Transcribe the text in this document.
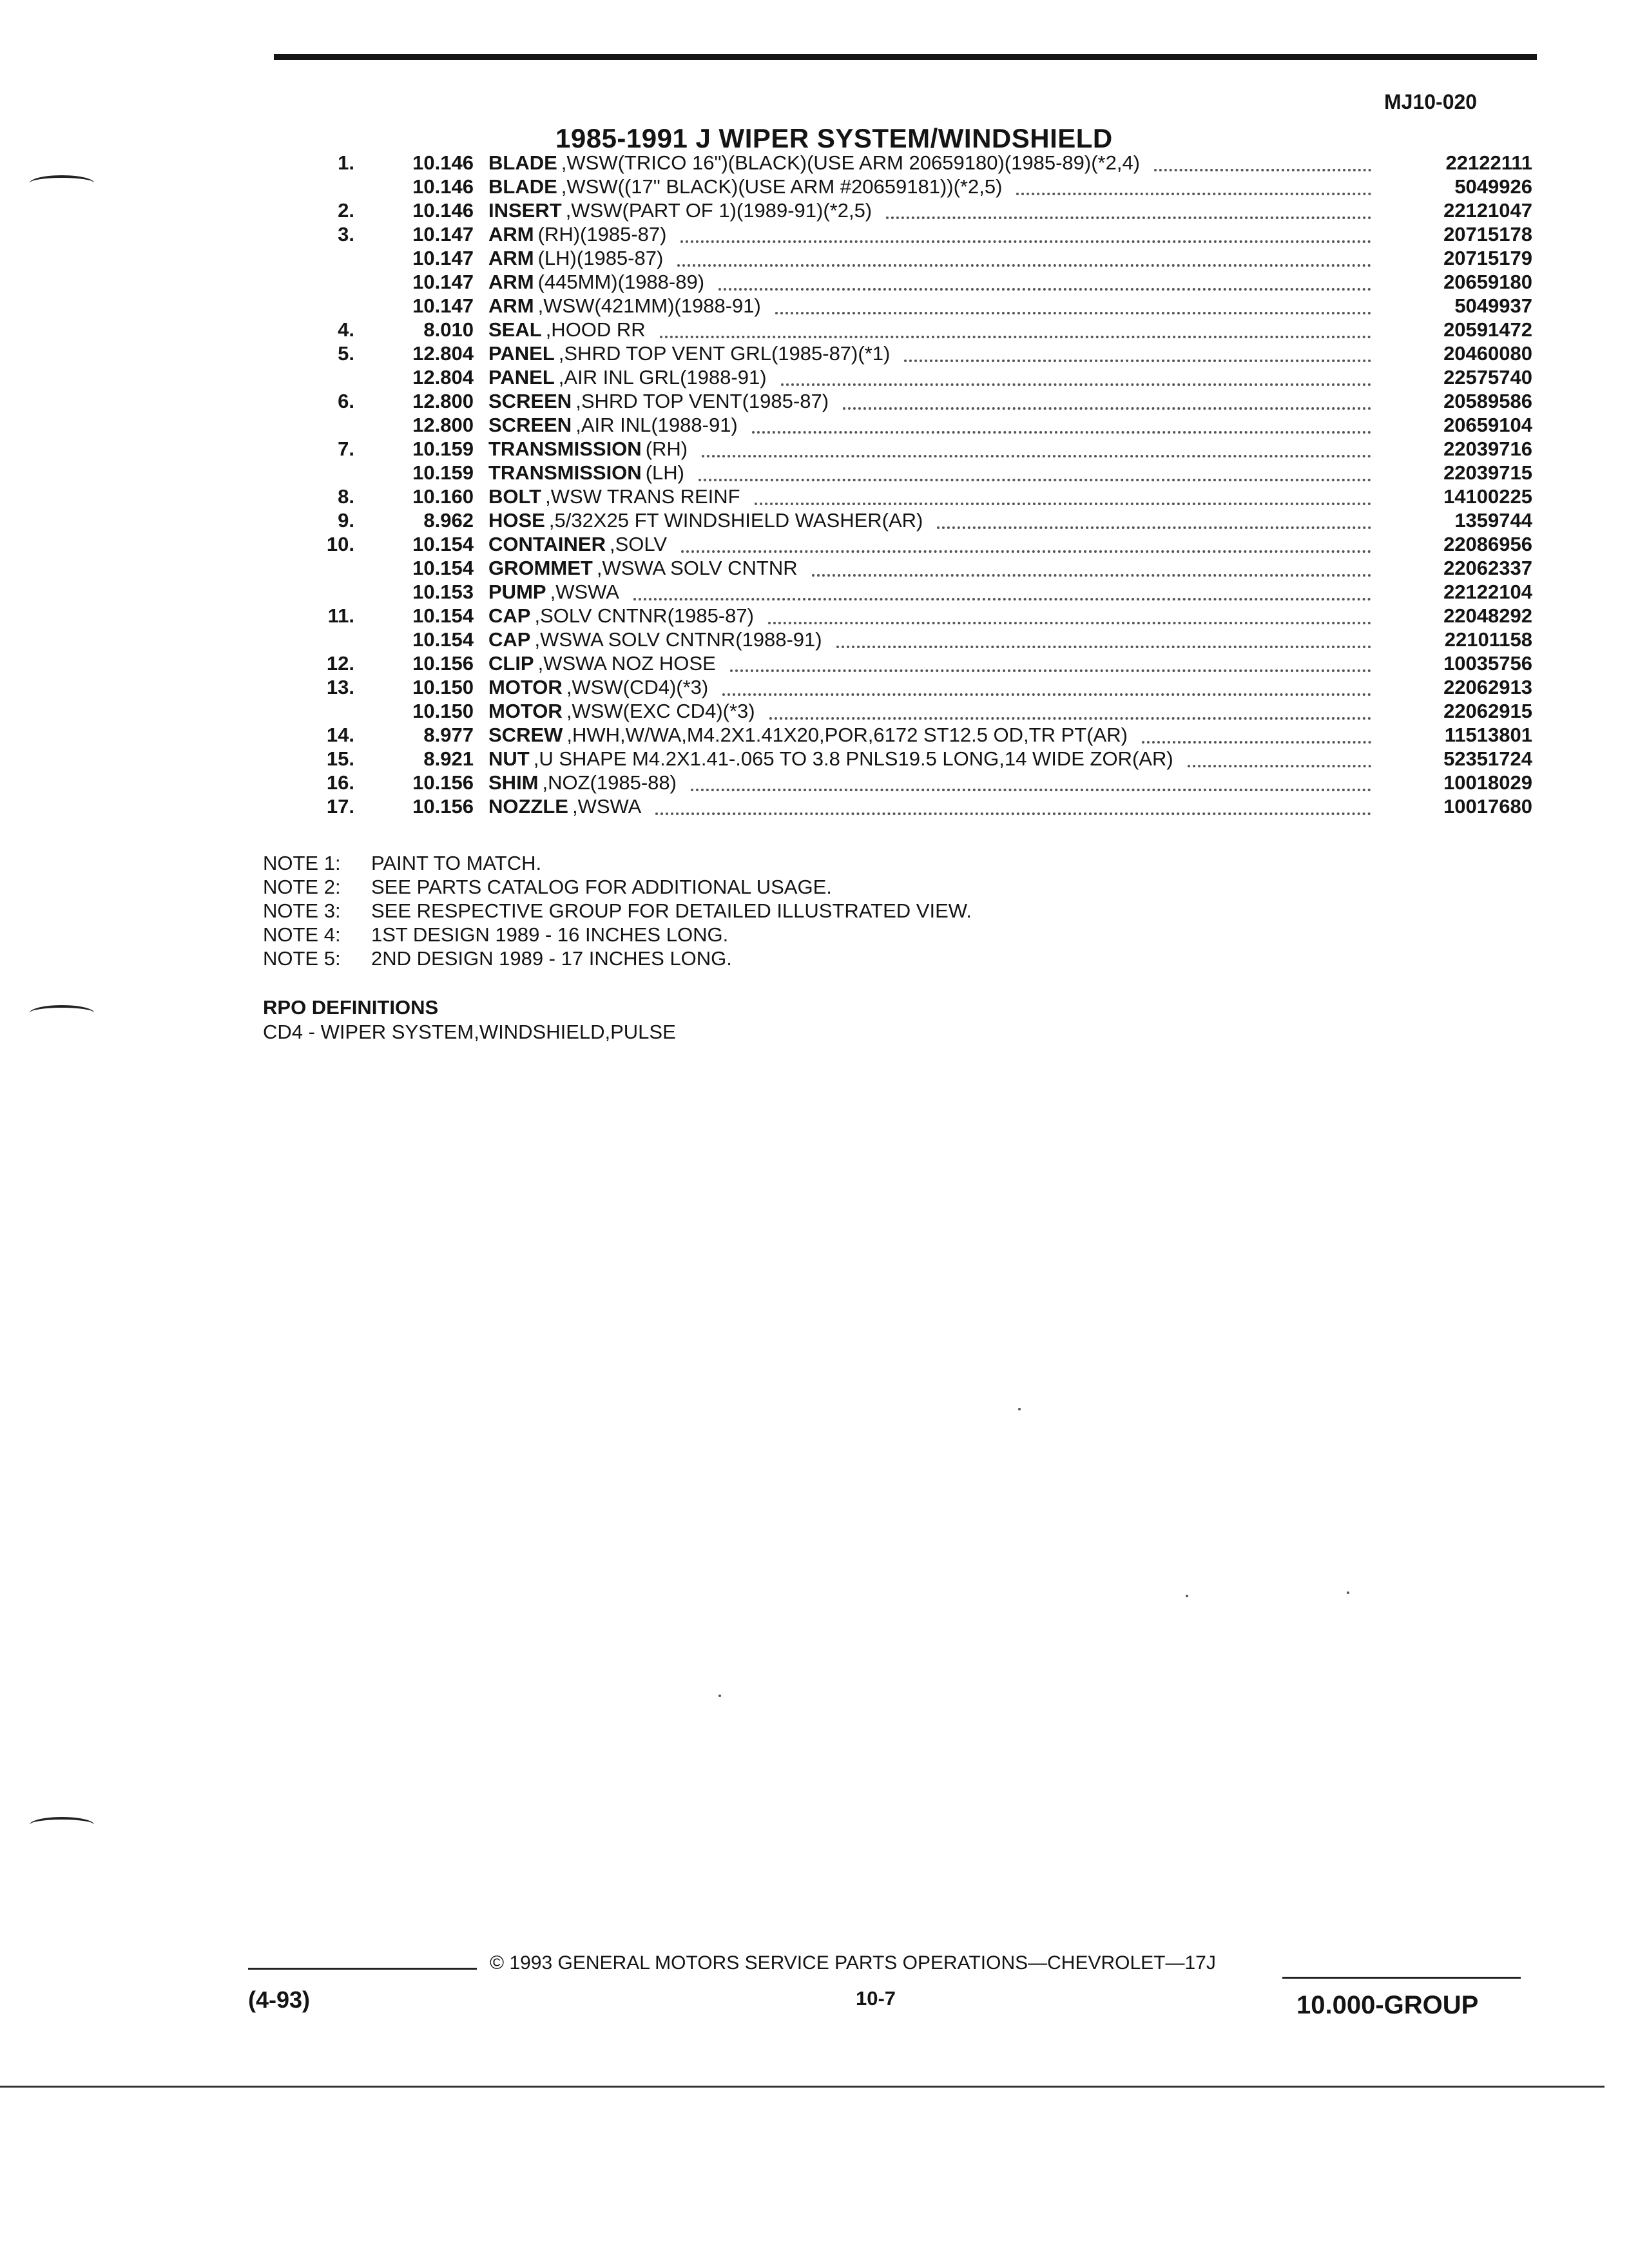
MJ10-020
1985-1991 J WIPER SYSTEM/WINDSHIELD
1.	10.146 BLADE ,WSW(TRICO 16")(BLACK)(USE ARM 20659180)(1985-89)(*2,4)	22122111
10.146 BLADE ,WSW((17" BLACK)(USE ARM #20659181))(*2,5)	5049926
2.	10.146 INSERT ,WSW(PART OF 1)(1989-91)(*2,5)	22121047
3.	10.147 ARM (RH)(1985-87)	20715178
10.147 ARM (LH)(1985-87)	20715179
10.147 ARM (445MM)(1988-89)	20659180
10.147 ARM ,WSW(421MM)(1988-91)	5049937
4.	8.010 SEAL ,HOOD RR	20591472
5.	12.804 PANEL ,SHRD TOP VENT GRL(1985-87)(*1)	20460080
12.804 PANEL ,AIR INL GRL(1988-91)	22575740
6.	12.800 SCREEN ,SHRD TOP VENT(1985-87)	20589586
12.800 SCREEN ,AIR INL(1988-91)	20659104
7.	10.159 TRANSMISSION (RH)	22039716
10.159 TRANSMISSION (LH)	22039715
8.	10.160 BOLT ,WSW TRANS REINF	14100225
9.	8.962 HOSE ,5/32X25 FT WINDSHIELD WASHER(AR)	1359744
10.	10.154 CONTAINER ,SOLV	22086956
10.154 GROMMET ,WSWA SOLV CNTNR	22062337
10.153 PUMP ,WSWA	22122104
11.	10.154 CAP ,SOLV CNTNR(1985-87)	22048292
10.154 CAP ,WSWA SOLV CNTNR(1988-91)	22101158
12.	10.156 CLIP ,WSWA NOZ HOSE	10035756
13.	10.150 MOTOR ,WSW(CD4)(*3)	22062913
10.150 MOTOR ,WSW(EXC CD4)(*3)	22062915
14.	8.977 SCREW ,HWH,W/WA,M4.2X1.41X20,POR,6172 ST12.5 OD,TR PT(AR)	11513801
15.	8.921 NUT ,U SHAPE M4.2X1.41-.065 TO 3.8 PNLS19.5 LONG,14 WIDE ZOR(AR)	52351724
16.	10.156 SHIM ,NOZ(1985-88)	10018029
17.	10.156 NOZZLE ,WSWA	10017680
NOTE 1: PAINT TO MATCH.
NOTE 2: SEE PARTS CATALOG FOR ADDITIONAL USAGE.
NOTE 3: SEE RESPECTIVE GROUP FOR DETAILED ILLUSTRATED VIEW.
NOTE 4: 1ST DESIGN 1989 - 16 INCHES LONG.
NOTE 5: 2ND DESIGN 1989 - 17 INCHES LONG.
RPO DEFINITIONS
CD4 - WIPER SYSTEM,WINDSHIELD,PULSE
© 1993 GENERAL MOTORS SERVICE PARTS OPERATIONS—CHEVROLET—17J
(4-93)	10-7	10.000-GROUP
